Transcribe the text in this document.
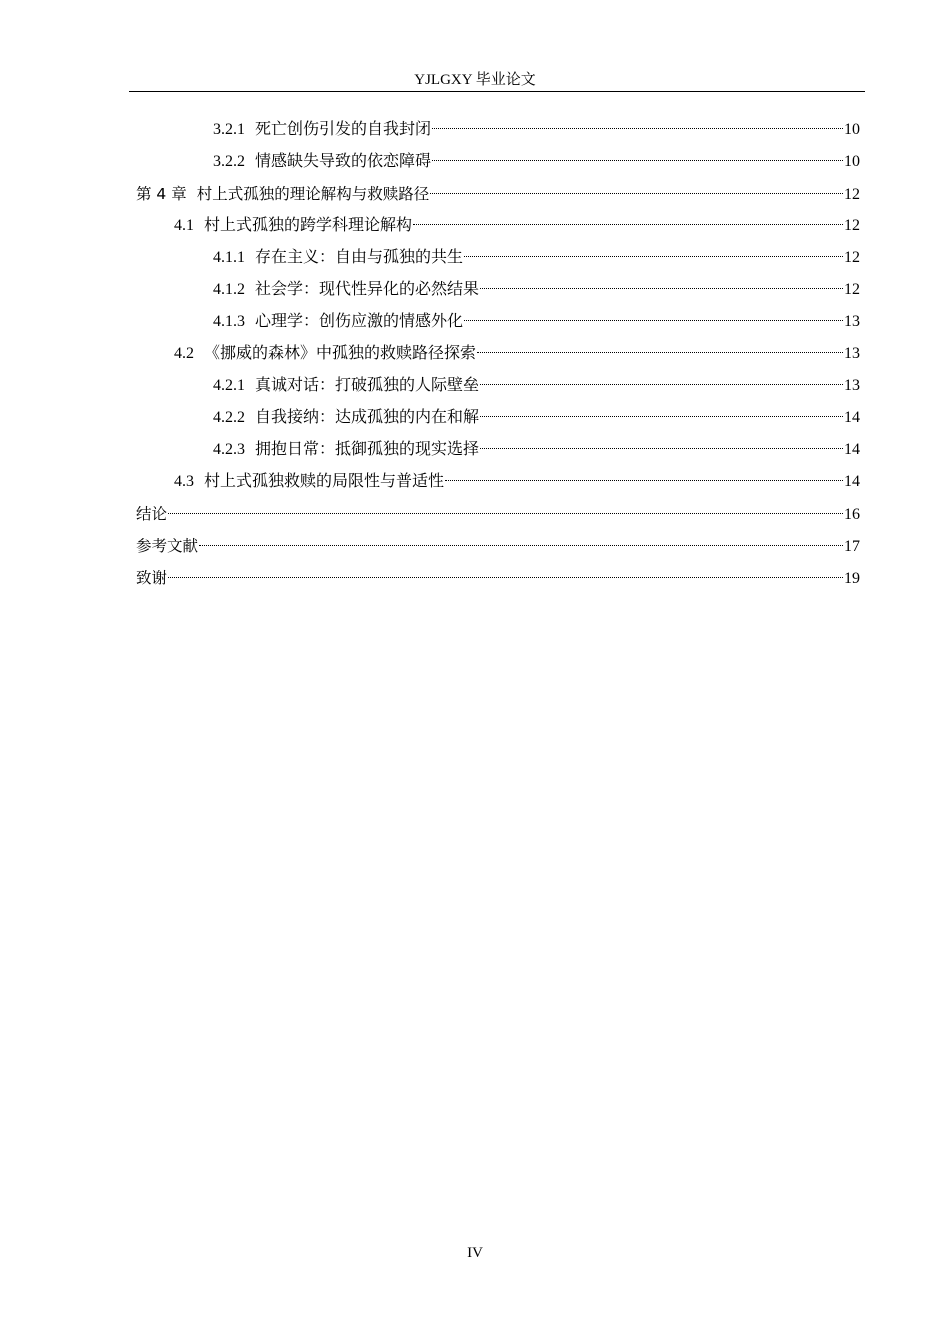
YJLGXY 毕业论文
3.2.1 死亡创伤引发的自我封闭	10
3.2.2 情感缺失导致的依恋障碍	10
第 4 章 村上式孤独的理论解构与救赎路径	12
4.1 村上式孤独的跨学科理论解构	12
4.1.1 存在主义：自由与孤独的共生	12
4.1.2 社会学：现代性异化的必然结果	12
4.1.3 心理学：创伤应激的情感外化	13
4.2 《挪威的森林》中孤独的救赎路径探索	13
4.2.1 真诚对话：打破孤独的人际壁垒	13
4.2.2 自我接纳：达成孤独的内在和解	14
4.2.3 拥抱日常：抵御孤独的现实选择	14
4.3 村上式孤独救赎的局限性与普适性	14
结论	16
参考文献	17
致谢	19
IV
